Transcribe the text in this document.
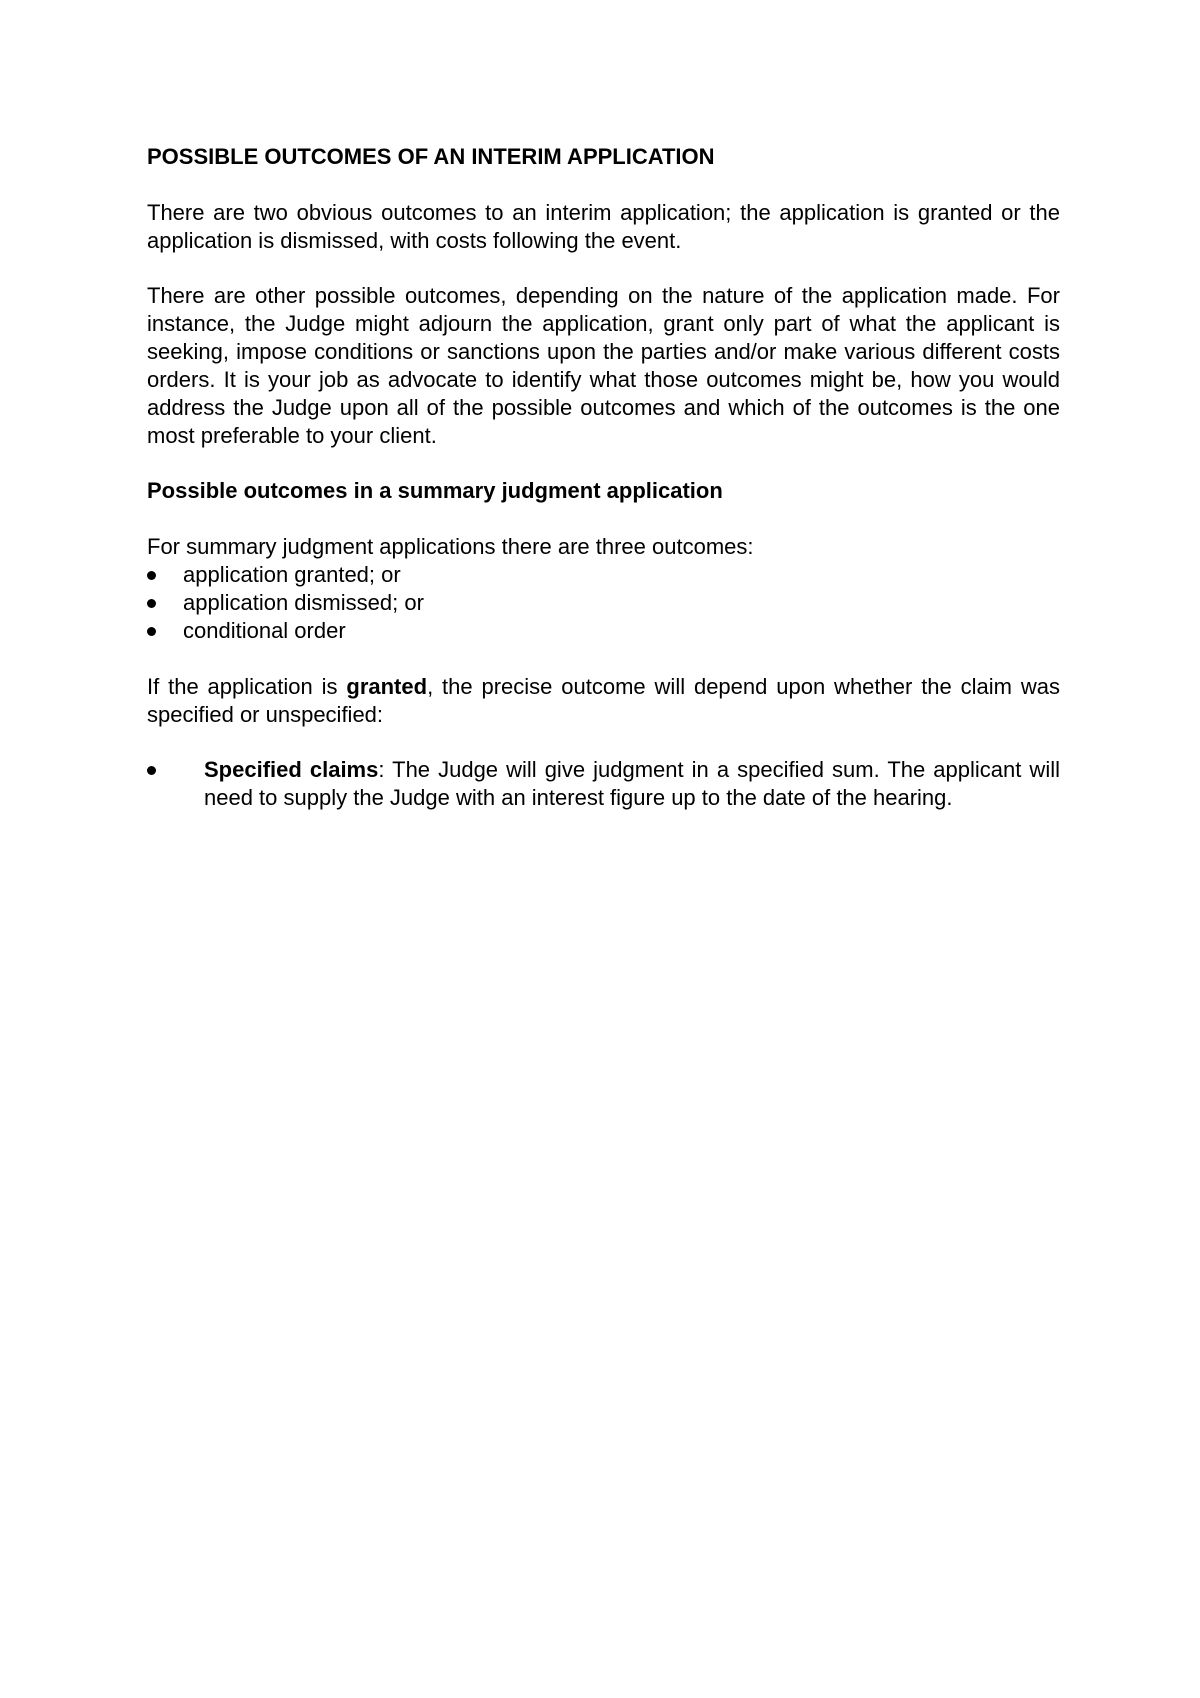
POSSIBLE OUTCOMES OF AN INTERIM APPLICATION

There are two obvious outcomes to an interim application; the application is granted or the application is dismissed, with costs following the event.

There are other possible outcomes, depending on the nature of the application made. For instance, the Judge might adjourn the application, grant only part of what the applicant is seeking, impose conditions or sanctions upon the parties and/or make various different costs orders. It is your job as advocate to identify what those outcomes might be, how you would address the Judge upon all of the possible outcomes and which of the outcomes is the one most preferable to your client.

Possible outcomes in a summary judgment application

For summary judgment applications there are three outcomes:

application granted; or
application dismissed; or
conditional order

If the application is granted, the precise outcome will depend upon whether the claim was specified or unspecified:

Specified claims: The Judge will give judgment in a specified sum. The applicant will need to supply the Judge with an interest figure up to the date of the hearing.
